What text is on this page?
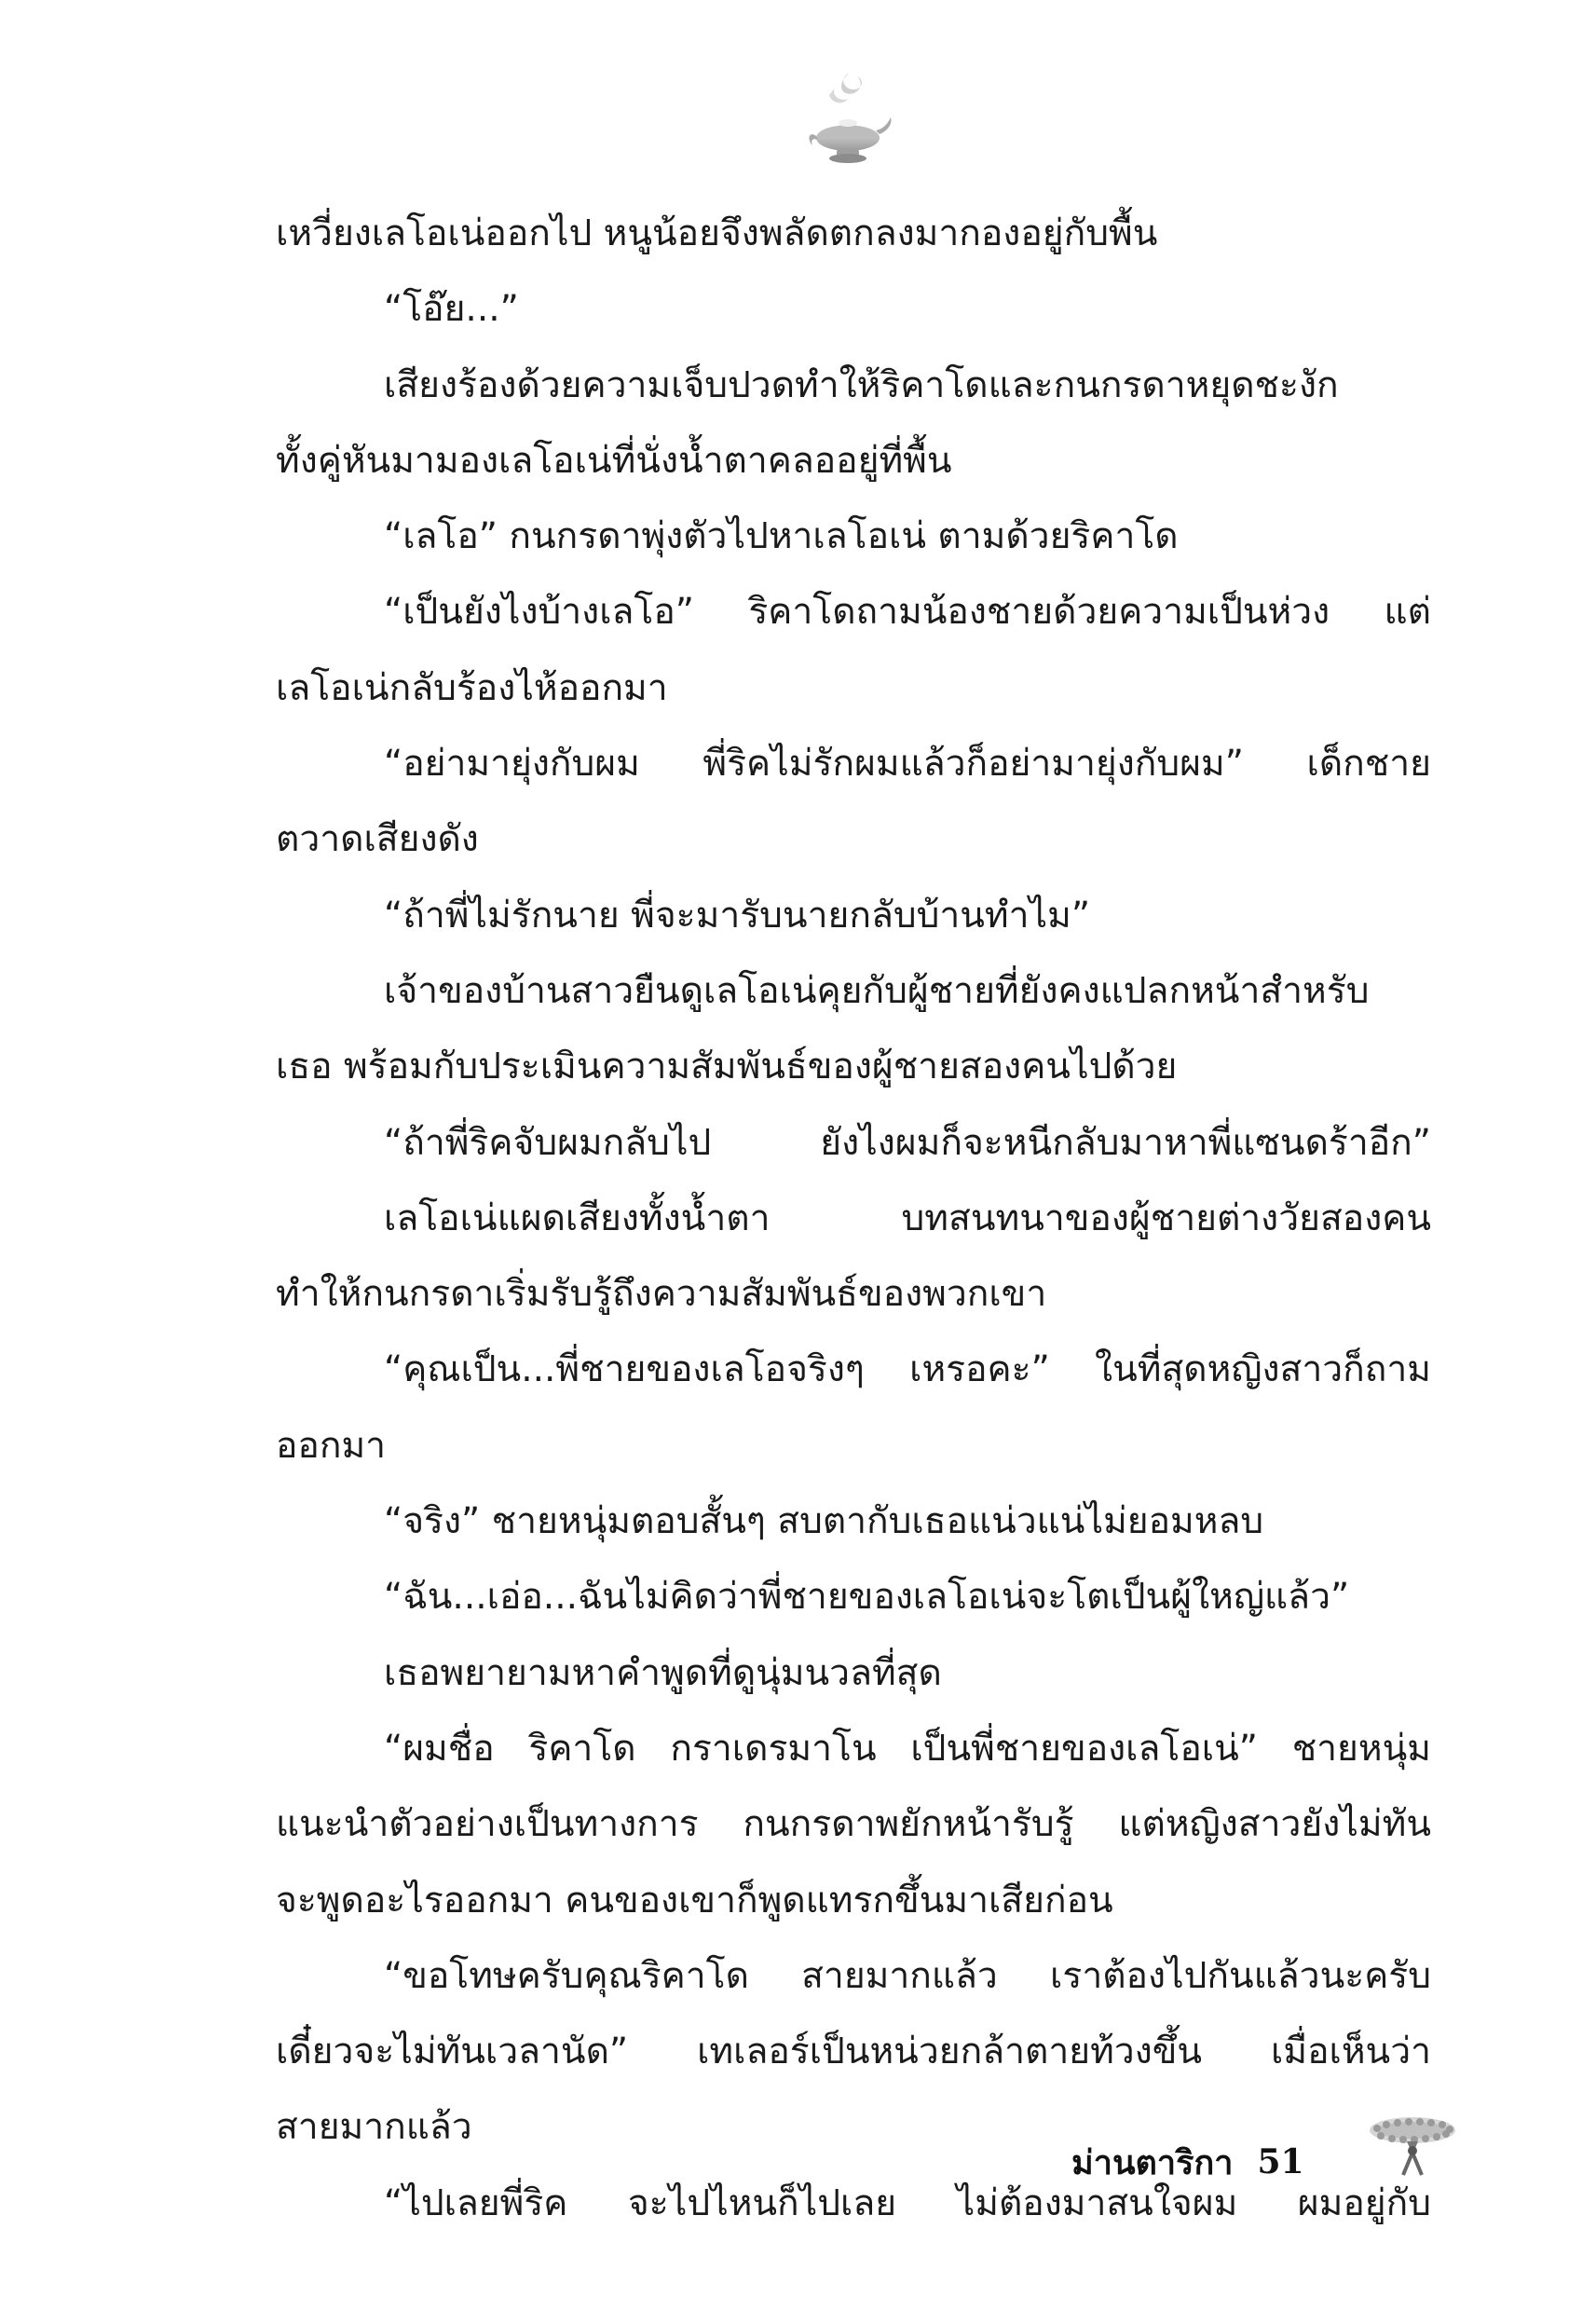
เหวี่ยงเลโอเน่ออกไป หนูน้อยจึงพลัดตกลงมากองอยู่กับพื้น
“โอ๊ย...”
เสียงร้องด้วยความเจ็บปวดทำให้ริคาโดและกนกรดาหยุดชะงัก
ทั้งคู่หันมามองเลโอเน่ที่นั่งน้ำตาคลออยู่ที่พื้น
“เลโอ” กนกรดาพุ่งตัวไปหาเลโอเน่ ตามด้วยริคาโด
“เป็นยังไงบ้างเลโอ” ริคาโดถามน้องชายด้วยความเป็นห่วง แต่
เลโอเน่กลับร้องไห้ออกมา
“อย่ามายุ่งกับผม พี่ริคไม่รักผมแล้วก็อย่ามายุ่งกับผม” เด็กชาย
ตวาดเสียงดัง
“ถ้าพี่ไม่รักนาย พี่จะมารับนายกลับบ้านทำไม”
เจ้าของบ้านสาวยืนดูเลโอเน่คุยกับผู้ชายที่ยังคงแปลกหน้าสำหรับ
เธอ พร้อมกับประเมินความสัมพันธ์ของผู้ชายสองคนไปด้วย
“ถ้าพี่ริคจับผมกลับไป ยังไงผมก็จะหนีกลับมาหาพี่แซนดร้าอีก”
เลโอเน่แผดเสียงทั้งน้ำตา บทสนทนาของผู้ชายต่างวัยสองคน
ทำให้กนกรดาเริ่มรับรู้ถึงความสัมพันธ์ของพวกเขา
“คุณเป็น...พี่ชายของเลโอจริงๆ เหรอคะ” ในที่สุดหญิงสาวก็ถาม
ออกมา
“จริง” ชายหนุ่มตอบสั้นๆ สบตากับเธอแน่วแน่ไม่ยอมหลบ
“ฉัน...เอ่อ...ฉันไม่คิดว่าพี่ชายของเลโอเน่จะโตเป็นผู้ใหญ่แล้ว”
เธอพยายามหาคำพูดที่ดูนุ่มนวลที่สุด
“ผมชื่อ ริคาโด กราเดรมาโน เป็นพี่ชายของเลโอเน่” ชายหนุ่ม
แนะนำตัวอย่างเป็นทางการ กนกรดาพยักหน้ารับรู้ แต่หญิงสาวยังไม่ทัน
จะพูดอะไรออกมา คนของเขาก็พูดแทรกขึ้นมาเสียก่อน
“ขอโทษครับคุณริคาโด สายมากแล้ว เราต้องไปกันแล้วนะครับ
เดี๋ยวจะไม่ทันเวลานัด” เทเลอร์เป็นหน่วยกล้าตายท้วงขึ้น เมื่อเห็นว่า
สายมากแล้ว
“ไปเลยพี่ริค จะไปไหนก็ไปเลย ไม่ต้องมาสนใจผม ผมอยู่กับ
ม่านตาริกา 51
